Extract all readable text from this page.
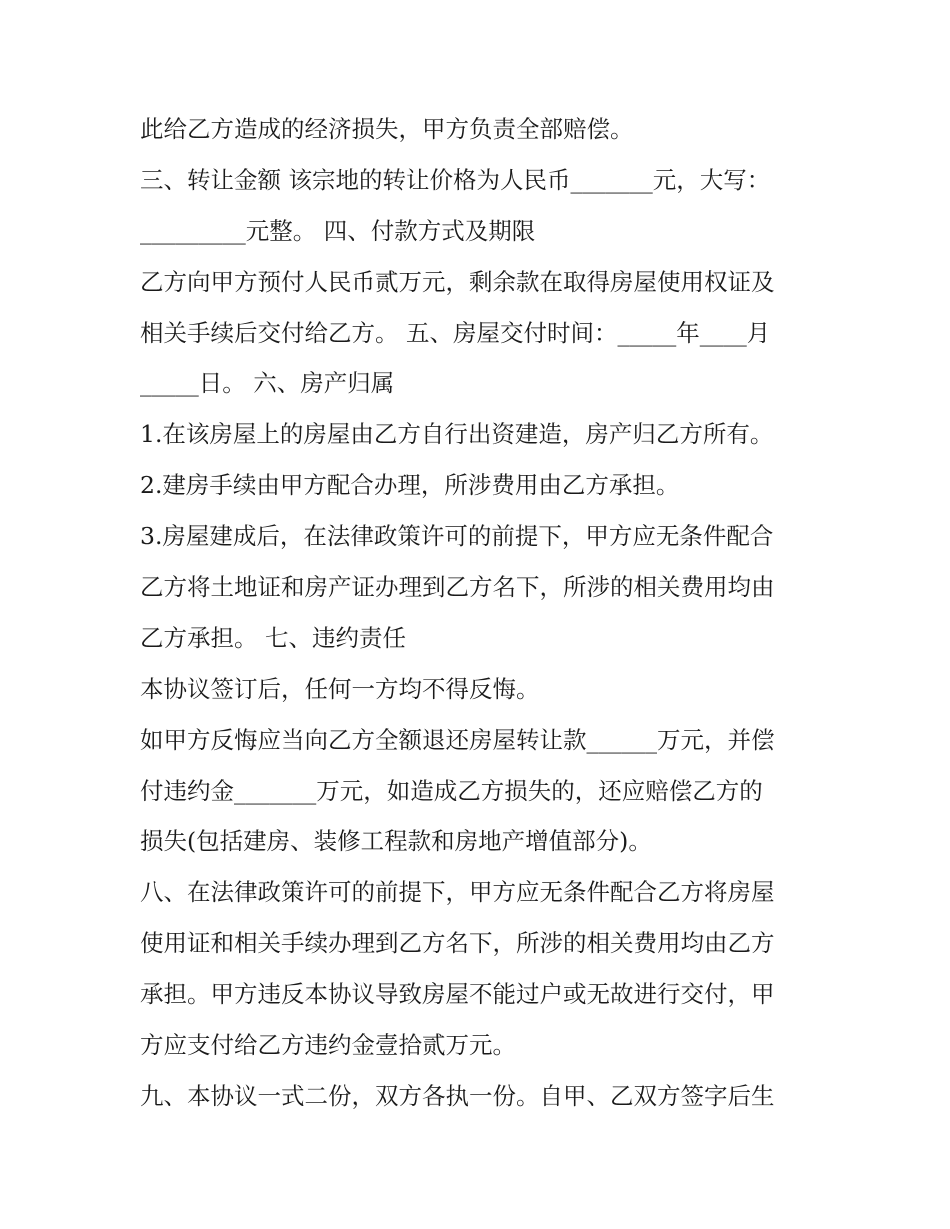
此给乙方造成的经济损失，甲方负责全部赔偿。
三、转让金额 该宗地的转让价格为人民币_______元，大写：
_________元整。 四、付款方式及期限
乙方向甲方预付人民币贰万元，剩余款在取得房屋使用权证及
相关手续后交付给乙方。 五、房屋交付时间：_____年____月
_____日。 六、房产归属
1.在该房屋上的房屋由乙方自行出资建造，房产归乙方所有。
2.建房手续由甲方配合办理，所涉费用由乙方承担。
3.房屋建成后，在法律政策许可的前提下，甲方应无条件配合
乙方将土地证和房产证办理到乙方名下，所涉的相关费用均由
乙方承担。 七、违约责任
本协议签订后，任何一方均不得反悔。
如甲方反悔应当向乙方全额退还房屋转让款______万元，并偿
付违约金_______万元，如造成乙方损失的，还应赔偿乙方的
损失(包括建房、装修工程款和房地产增值部分)。
八、在法律政策许可的前提下，甲方应无条件配合乙方将房屋
使用证和相关手续办理到乙方名下，所涉的相关费用均由乙方
承担。甲方违反本协议导致房屋不能过户或无故进行交付，甲
方应支付给乙方违约金壹拾贰万元。
九、本协议一式二份，双方各执一份。自甲、乙双方签字后生
